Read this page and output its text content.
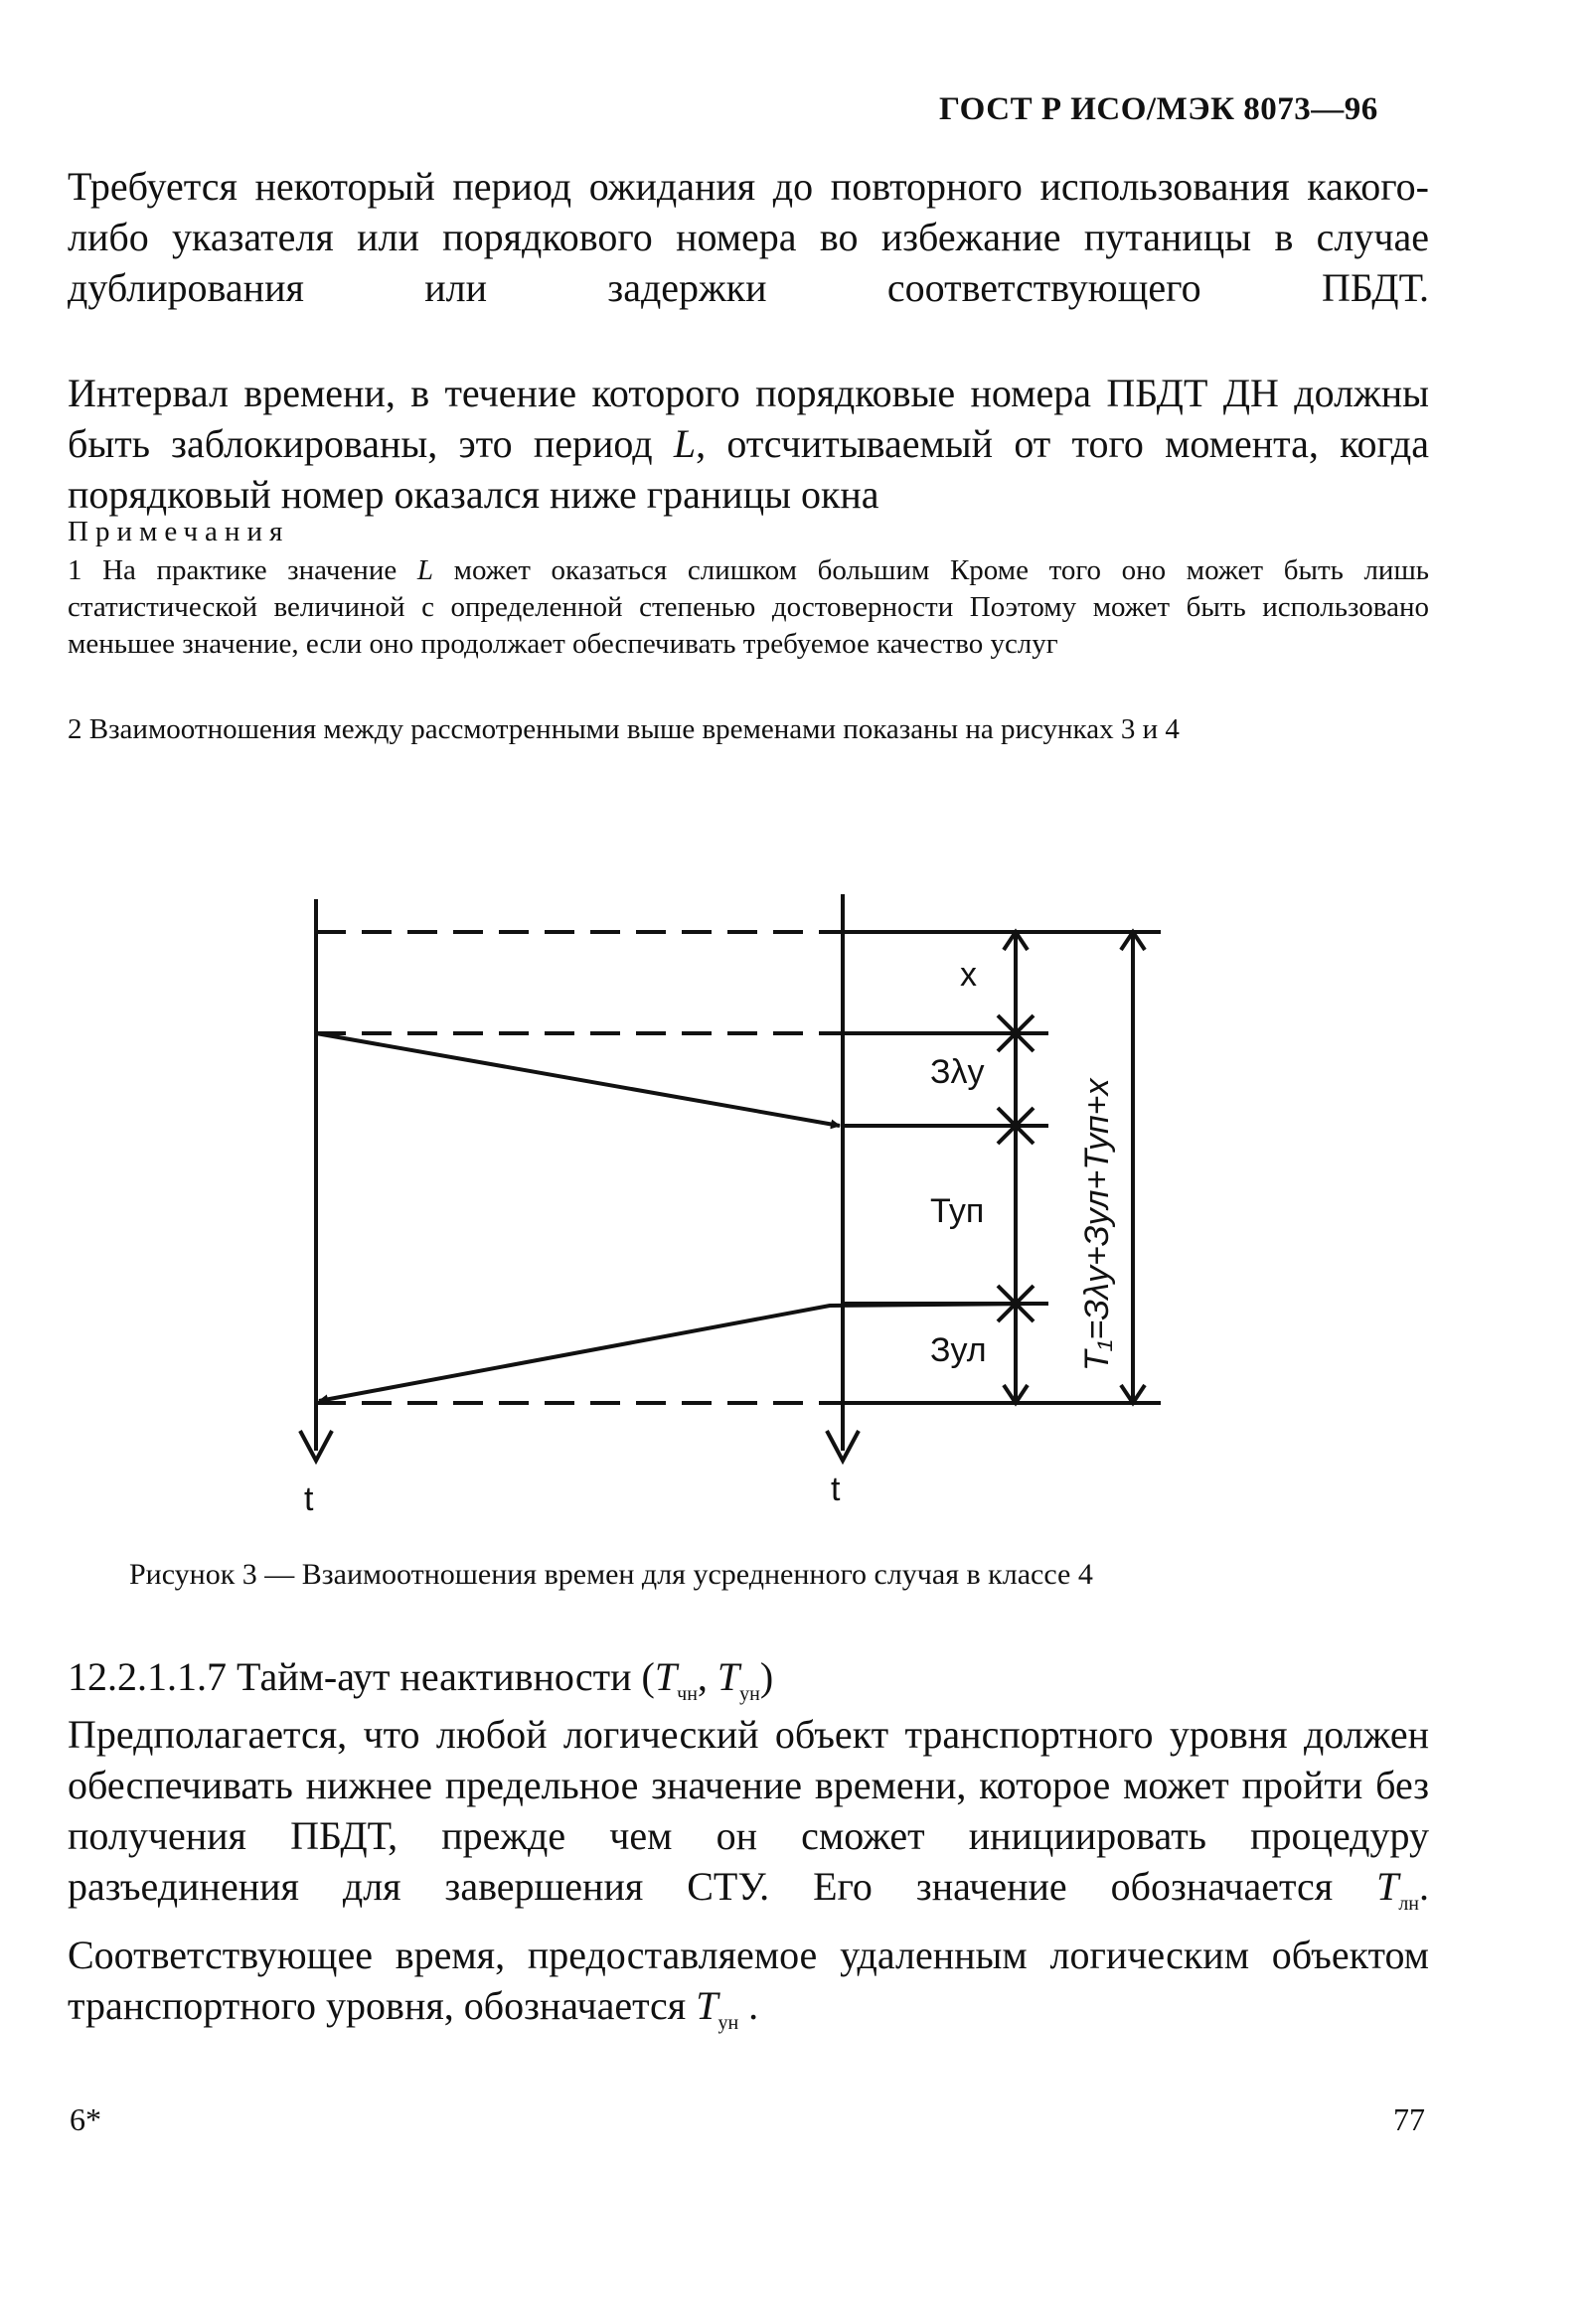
ГОСТ Р ИСО/МЭК 8073—96

Требуется некоторый период ожидания до повторного использования какого-либо указателя или порядкового номера во избежание путаницы в случае дублирования или задержки соответствующего ПБДТ.

Интервал времени, в течение которого порядковые номера ПБДТ ДН должны быть заблокированы, это период L, отсчитываемый от того момента, когда порядковый номер оказался ниже границы окна

Примечания

1 На практике значение L может оказаться слишком большим Кроме того оно может быть лишь статистической величиной с определенной степенью достоверности Поэтому может быть использовано меньшее значение, если оно продолжает обеспечивать требуемое качество услуг

2 Взаимоотношения между рассмотренными выше временами показаны на рисунках 3 и 4

x
Зλу
Туп
Зул	T₁=Зλу+Зул+Туп+x
t	t
Рисунок 3 — Взаимоотношения времен для усредненного случая в классе 4

12.2.1.1.7 Тайм-аут неактивности ($T_{чн}$, $T_{ун}$)

Предполагается, что любой логический объект транспортного уровня должен обеспечивать нижнее предельное значение времени, которое может пройти без получения ПБДТ, прежде чем он сможет инициировать процедуру разъединения для завершения СТУ. Его значение обозначается $T_{лн}$. Соответствующее время, предоставляемое удаленным логическим объектом транспортного уровня, обозначается $T_{ун}$ .

6*	77
